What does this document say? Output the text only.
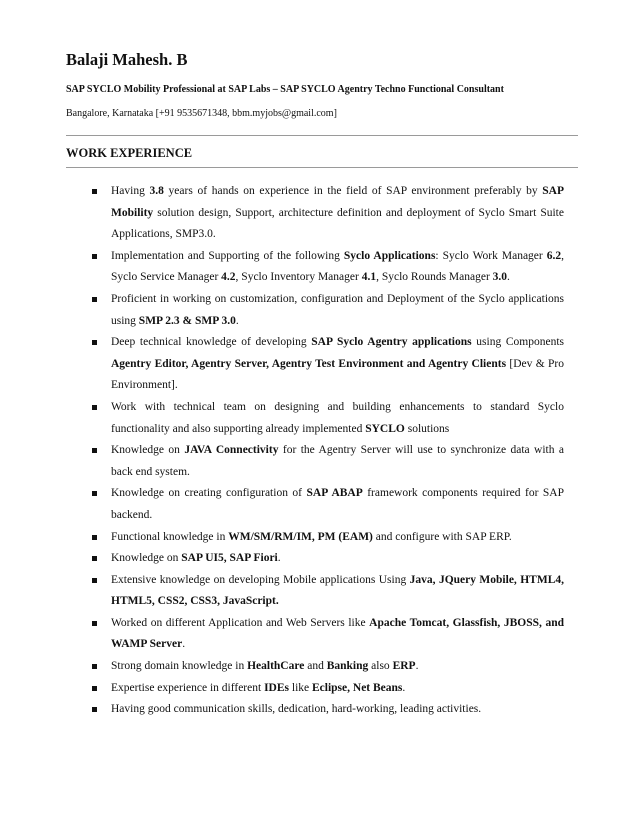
Balaji Mahesh. B
SAP SYCLO Mobility Professional at SAP Labs – SAP SYCLO Agentry Techno Functional Consultant
Bangalore, Karnataka [+91 9535671348, bbm.myjobs@gmail.com]
WORK EXPERIENCE
Having 3.8 years of hands on experience in the field of SAP environment preferably by SAP Mobility solution design, Support, architecture definition and deployment of Syclo Smart Suite Applications, SMP3.0.
Implementation and Supporting of the following Syclo Applications: Syclo Work Manager 6.2, Syclo Service Manager 4.2, Syclo Inventory Manager 4.1, Syclo Rounds Manager 3.0.
Proficient in working on customization, configuration and Deployment of the Syclo applications using SMP 2.3 & SMP 3.0.
Deep technical knowledge of developing SAP Syclo Agentry applications using Components Agentry Editor, Agentry Server, Agentry Test Environment and Agentry Clients [Dev & Pro Environment].
Work with technical team on designing and building enhancements to standard Syclo functionality and also supporting already implemented SYCLO solutions
Knowledge on JAVA Connectivity for the Agentry Server will use to synchronize data with a back end system.
Knowledge on creating configuration of SAP ABAP framework components required for SAP backend.
Functional knowledge in WM/SM/RM/IM, PM (EAM) and configure with SAP ERP.
Knowledge on SAP UI5, SAP Fiori.
Extensive knowledge on developing Mobile applications Using Java, JQuery Mobile, HTML4, HTML5, CSS2, CSS3, JavaScript.
Worked on different Application and Web Servers like Apache Tomcat, Glassfish, JBOSS, and WAMP Server.
Strong domain knowledge in HealthCare and Banking also ERP.
Expertise experience in different IDEs like Eclipse, Net Beans.
Having good communication skills, dedication, hard-working, leading activities.
